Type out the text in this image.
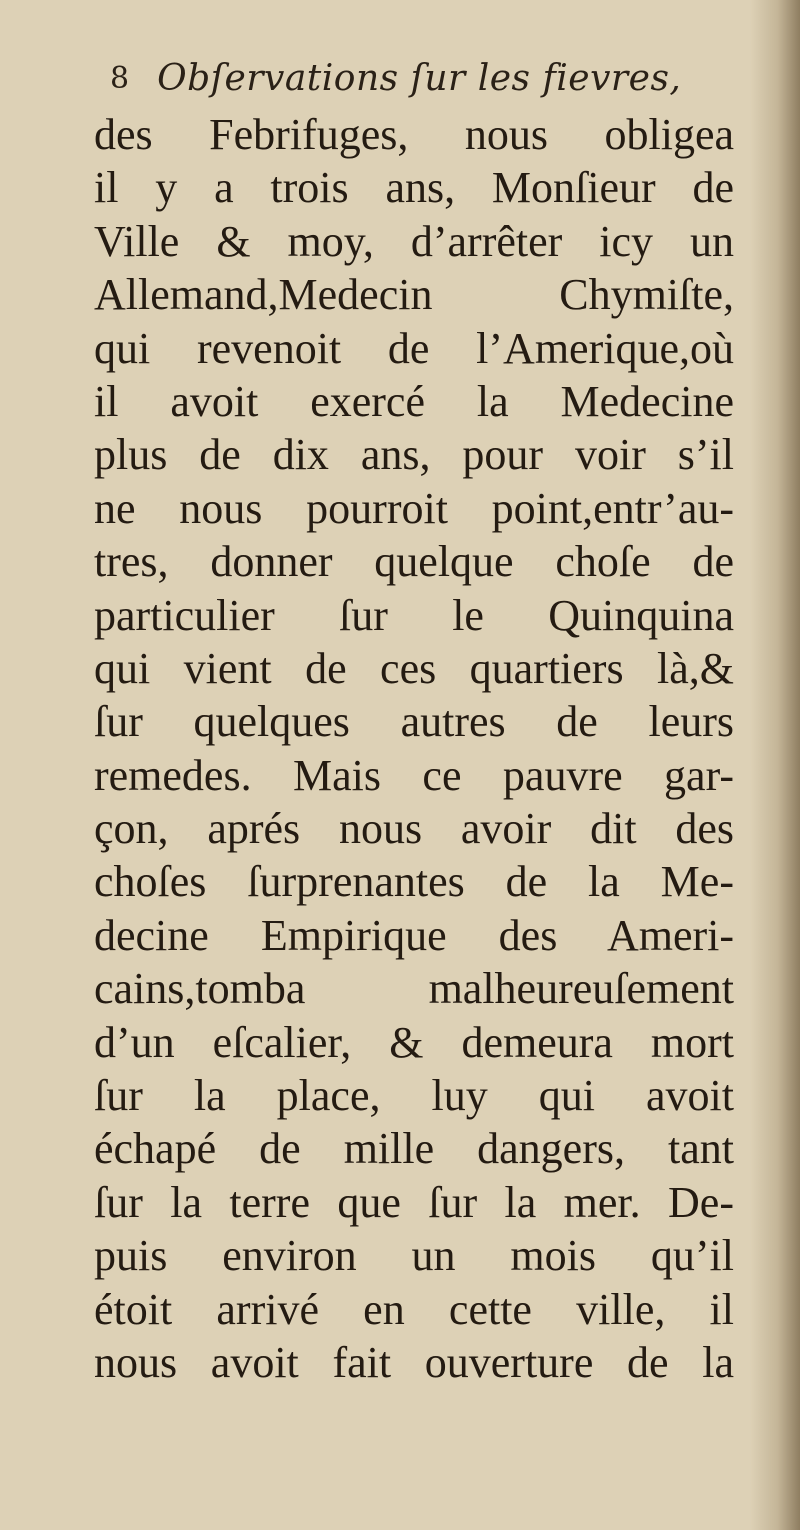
8 Obſervations ſur les fievres,
des Febrifuges, nous obligea
il y a trois ans, Monſieur de
Ville & moy, d’arrêter icy un
Allemand,Medecin Chymiſte,
qui revenoit de l’Amerique,où
il avoit exercé la Medecine
plus de dix ans, pour voir s’il
ne nous pourroit point,entr’au-
tres, donner quelque choſe de
particulier ſur le Quinquina
qui vient de ces quartiers là,&
ſur quelques autres de leurs
remedes. Mais ce pauvre gar-
çon, aprés nous avoir dit des
choſes ſurprenantes de la Me-
decine Empirique des Ameri-
cains,tomba malheureuſement
d’un eſcalier, & demeura mort
ſur la place, luy qui avoit
échapé de mille dangers, tant
ſur la terre que ſur la mer. De-
puis environ un mois qu’il
étoit arrivé en cette ville, il
nous avoit fait ouverture de la
